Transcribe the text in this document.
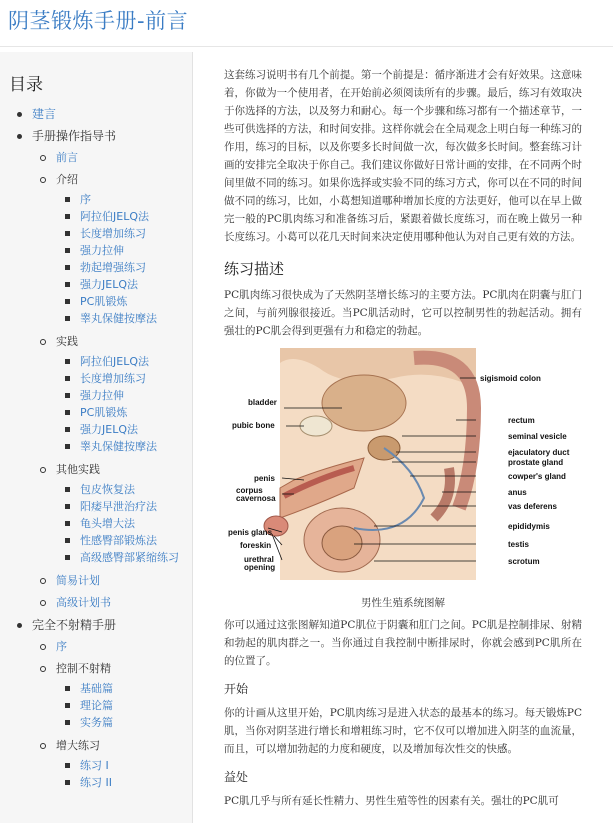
阴茎锻炼手册-前言
目录
建言
手册操作指导书
前言
介绍
序
阿拉伯JELQ法
长度增加练习
强力拉伸
勃起增强练习
强力JELQ法
PC肌锻炼
睾丸保健按摩法
实践
阿拉伯JELQ法
长度增加练习
强力拉伸
PC肌锻炼
强力JELQ法
睾丸保健按摩法
其他实践
包皮恢复法
阳痿早泄治疗法
龟头增大法
性感臀部锻炼法
高级感臀部紧缩练习
简易计划
高级计划书
完全不射精手册
序
控制不射精
基础篇
理论篇
实务篇
增大练习
练习 I
练习 II

这套练习说明书有几个前提。第一个前提是：循序渐进才会有好效果。这意味着，你做为一个使用者，在开始前必须阅读所有的步骤。最后，练习有效取决于你选择的方法，以及努力和耐心。每一个步骤和练习都有一个描述章节，一些可供选择的方法，和时间安排。这样你就会在全局观念上明白每一种练习的作用，练习的目标，以及你要多长时间做一次，每次做多长时间。整套练习计画的安排完全取决于你自己。我们建议你做好日常计画的安排，在不同两个时间里做不同的练习。如果你选择或实验不同的练习方式，你可以在不同的时间做不同的练习，比如，小葛想知道哪种增加长度的方法更好，他可以在早上做完一般的PC肌肉练习和准备练习后，紧跟着做长度练习，而在晚上做另一种长度练习。小葛可以花几天时间来决定使用哪种他认为对自己更有效的方法。

练习描述

PC肌肉练习很快成为了天然阴茎增长练习的主要方法。PC肌肉在阴囊与肛门之间，与前列腺很接近。当PC肌活动时，它可以控制男性的勃起活动。拥有强壮的PC肌会得到更强有力和稳定的勃起。

bladder
pubic bone
penis
corpus
cavernosa
penis glans
foreskin
urethral
opening
sigismoid colon
rectum
seminal vesicle
ejaculatory duct
prostate gland
cowper's gland
anus
vas deferens
epididymis
testis
scrotum
男性生殖系统图解

你可以通过这张图解知道PC肌位于阴囊和肛门之间。PC肌是控制排尿、射精和勃起的肌肉群之一。当你通过自我控制中断排尿时，你就会感到PC肌所在的位置了。

开始

你的计画从这里开始，PC肌肉练习是进入状态的最基本的练习。每天锻炼PC肌，当你对阴茎进行增长和增粗练习时，它不仅可以增加进入阴茎的血流量，而且，可以增加勃起的力度和硬度，以及增加每次性交的快感。

益处

PC肌几乎与所有延长性精力、男性生殖等性的因素有关。强壮的PC肌可
